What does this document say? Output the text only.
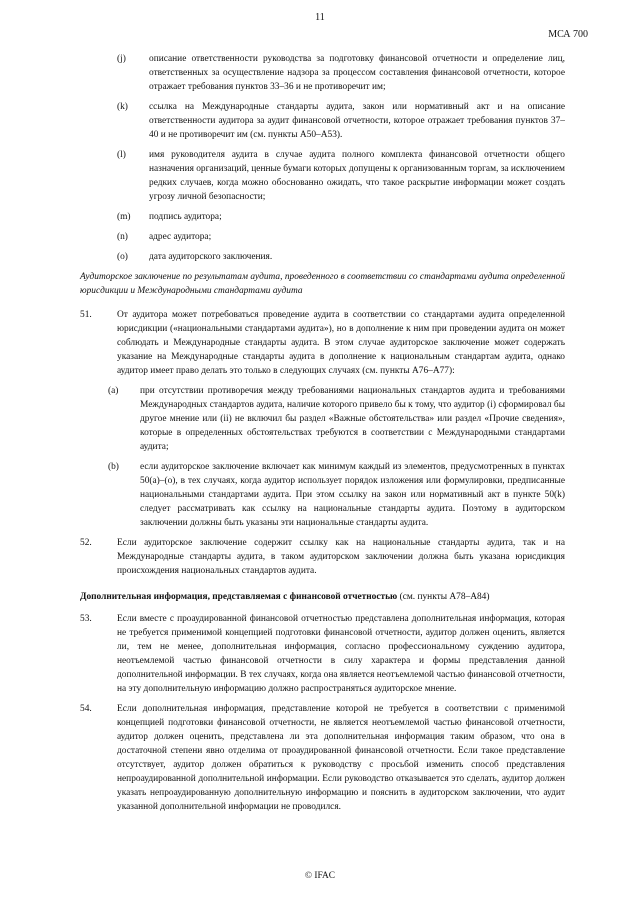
11
МСА 700
(j)	описание ответственности руководства за подготовку финансовой отчетности и определение лиц, ответственных за осуществление надзора за процессом составления финансовой отчетности, которое отражает требования пунктов 33–36 и не противоречит им;
(k)	ссылка на Международные стандарты аудита, закон или нормативный акт и на описание ответственности аудитора за аудит финансовой отчетности, которое отражает требования пунктов 37–40 и не противоречит им (см. пункты А50–А53).
(l)	имя руководителя аудита в случае аудита полного комплекта финансовой отчетности общего назначения организаций, ценные бумаги которых допущены к организованным торгам, за исключением редких случаев, когда можно обоснованно ожидать, что такое раскрытие информации может создать угрозу личной безопасности;
(m)	подпись аудитора;
(n)	адрес аудитора;
(o)	дата аудиторского заключения.
Аудиторское заключение по результатам аудита, проведенного в соответствии со стандартами аудита определенной юрисдикции и Международными стандартами аудита
51.	От аудитора может потребоваться проведение аудита в соответствии со стандартами аудита определенной юрисдикции («национальными стандартами аудита»), но в дополнение к ним при проведении аудита он может соблюдать и Международные стандарты аудита. В этом случае аудиторское заключение может содержать указание на Международные стандарты аудита в дополнение к национальным стандартам аудита, однако аудитор имеет право делать это только в следующих случаях (см. пункты А76–А77):
(a)	при отсутствии противоречия между требованиями национальных стандартов аудита и требованиями Международных стандартов аудита, наличие которого привело бы к тому, что аудитор (i) сформировал бы другое мнение или (ii) не включил бы раздел «Важные обстоятельства» или раздел «Прочие сведения», которые в определенных обстоятельствах требуются в соответствии с Международными стандартами аудита;
(b)	если аудиторское заключение включает как минимум каждый из элементов, предусмотренных в пунктах 50(а)–(о), в тех случаях, когда аудитор использует порядок изложения или формулировки, предписанные национальными стандартами аудита. При этом ссылку на закон или нормативный акт в пункте 50(k) следует рассматривать как ссылку на национальные стандарты аудита. Поэтому в аудиторском заключении должны быть указаны эти национальные стандарты аудита.
52.	Если аудиторское заключение содержит ссылку как на национальные стандарты аудита, так и на Международные стандарты аудита, в таком аудиторском заключении должна быть указана юрисдикция происхождения национальных стандартов аудита.
Дополнительная информация, представляемая с финансовой отчетностью (см. пункты А78–А84)
53.	Если вместе с проаудированной финансовой отчетностью представлена дополнительная информация, которая не требуется применимой концепцией подготовки финансовой отчетности, аудитор должен оценить, является ли, тем не менее, дополнительная информация, согласно профессиональному суждению аудитора, неотъемлемой частью финансовой отчетности в силу характера и формы представления данной дополнительной информации. В тех случаях, когда она является неотъемлемой частью финансовой отчетности, на эту дополнительную информацию должно распространяться аудиторское мнение.
54.	Если дополнительная информация, представление которой не требуется в соответствии с применимой концепцией подготовки финансовой отчетности, не является неотъемлемой частью финансовой отчетности, аудитор должен оценить, представлена ли эта дополнительная информация таким образом, что она в достаточной степени явно отделима от проаудированной финансовой отчетности. Если такое представление отсутствует, аудитор должен обратиться к руководству с просьбой изменить способ представления непроаудированной дополнительной информации. Если руководство отказывается это сделать, аудитор должен указать непроаудированную дополнительную информацию и пояснить в аудиторском заключении, что аудит указанной дополнительной информации не проводился.
© IFAC
